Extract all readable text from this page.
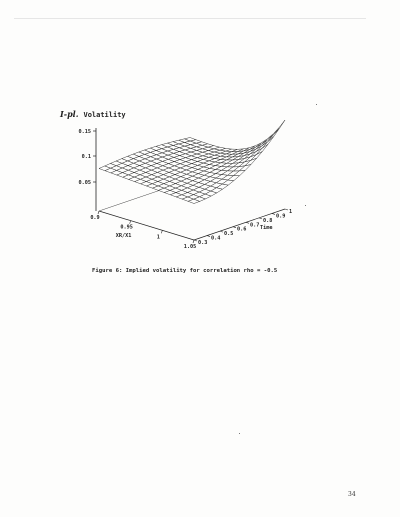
I-pl. Volatility
0.05
0.1
0.15
0.9
0.95
1
1.05
XR/X1
0.3
0.4
0.5
0.6
0.7
0.8
0.9
1
Time
Figure 6: Implied volatility for correlation rho = -0.5
34
